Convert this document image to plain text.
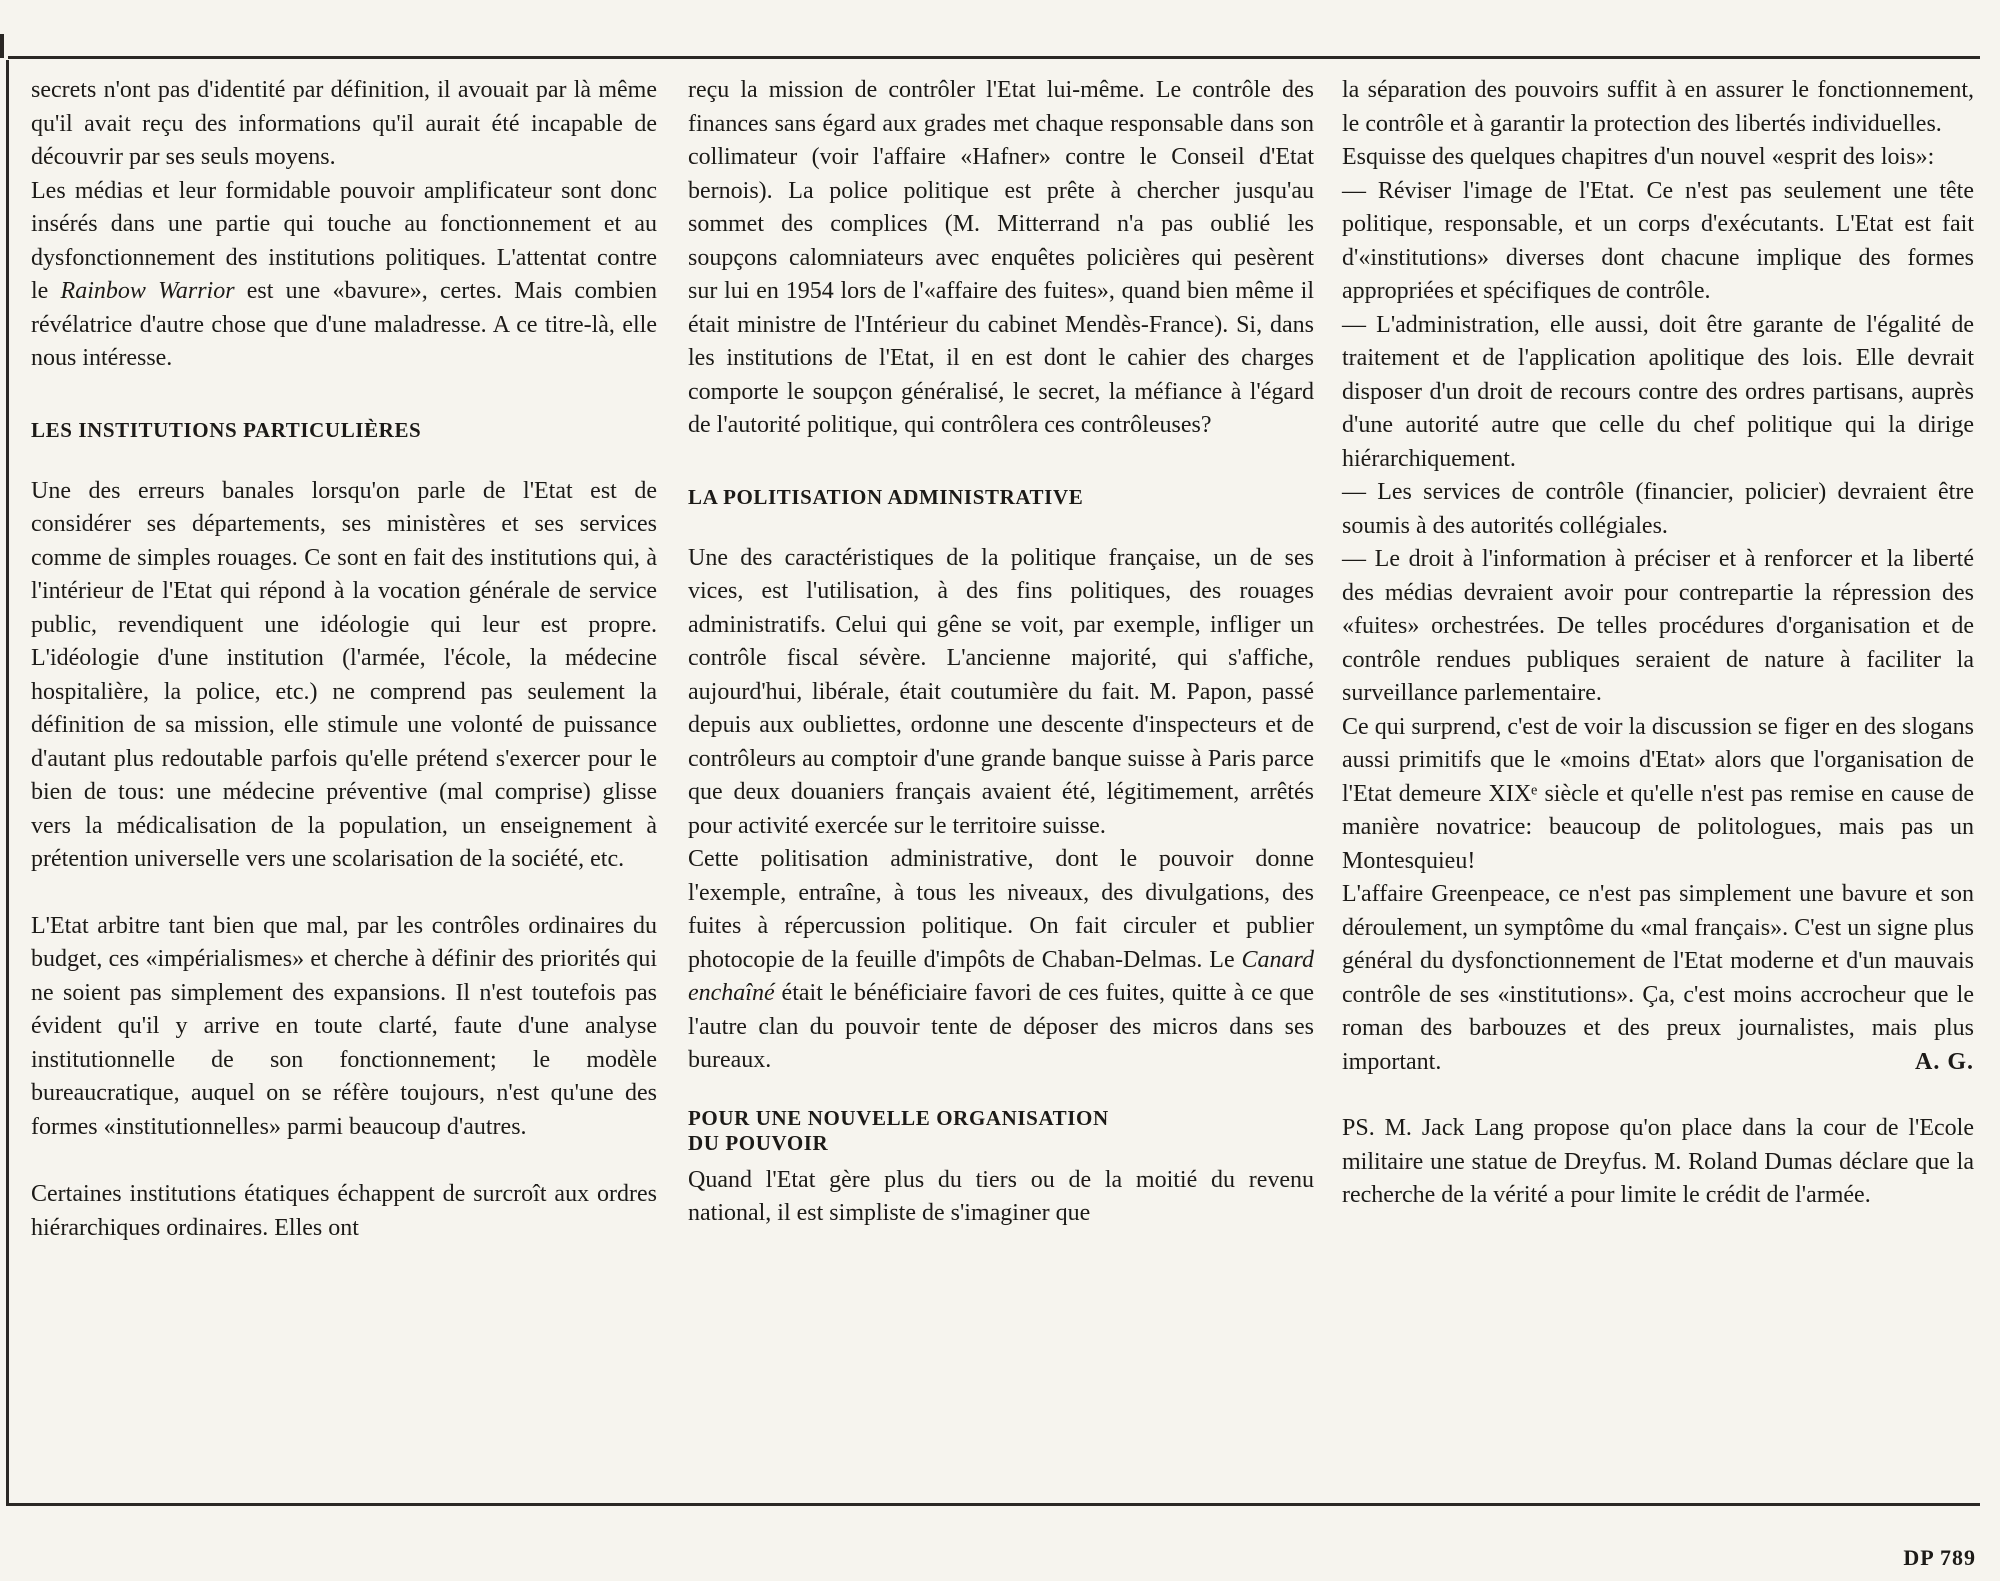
secrets n'ont pas d'identité par définition, il avouait par là même qu'il avait reçu des informations qu'il aurait été incapable de découvrir par ses seuls moyens.

Les médias et leur formidable pouvoir amplificateur sont donc insérés dans une partie qui touche au fonctionnement et au dysfonctionnement des institutions politiques. L'attentat contre le Rainbow Warrior est une «bavure», certes. Mais combien révélatrice d'autre chose que d'une maladresse. A ce titre-là, elle nous intéresse.

LES INSTITUTIONS PARTICULIÈRES

Une des erreurs banales lorsqu'on parle de l'Etat est de considérer ses départements, ses ministères et ses services comme de simples rouages. Ce sont en fait des institutions qui, à l'intérieur de l'Etat qui répond à la vocation générale de service public, revendiquent une idéologie qui leur est propre. L'idéologie d'une institution (l'armée, l'école, la médecine hospitalière, la police, etc.) ne comprend pas seulement la définition de sa mission, elle stimule une volonté de puissance d'autant plus redoutable parfois qu'elle prétend s'exercer pour le bien de tous: une médecine préventive (mal comprise) glisse vers la médicalisation de la population, un enseignement à prétention universelle vers une scolarisation de la société, etc.

L'Etat arbitre tant bien que mal, par les contrôles ordinaires du budget, ces «impérialismes» et cherche à définir des priorités qui ne soient pas simplement des expansions. Il n'est toutefois pas évident qu'il y arrive en toute clarté, faute d'une analyse institutionnelle de son fonctionnement; le modèle bureaucratique, auquel on se réfère toujours, n'est qu'une des formes «institutionnelles» parmi beaucoup d'autres.

Certaines institutions étatiques échappent de surcroît aux ordres hiérarchiques ordinaires. Elles ont

reçu la mission de contrôler l'Etat lui-même. Le contrôle des finances sans égard aux grades met chaque responsable dans son collimateur (voir l'affaire «Hafner» contre le Conseil d'Etat bernois). La police politique est prête à chercher jusqu'au sommet des complices (M. Mitterrand n'a pas oublié les soupçons calomniateurs avec enquêtes policières qui pesèrent sur lui en 1954 lors de l'«affaire des fuites», quand bien même il était ministre de l'Intérieur du cabinet Mendès-France). Si, dans les institutions de l'Etat, il en est dont le cahier des charges comporte le soupçon généralisé, le secret, la méfiance à l'égard de l'autorité politique, qui contrôlera ces contrôleuses?

LA POLITISATION ADMINISTRATIVE

Une des caractéristiques de la politique française, un de ses vices, est l'utilisation, à des fins politiques, des rouages administratifs. Celui qui gêne se voit, par exemple, infliger un contrôle fiscal sévère. L'ancienne majorité, qui s'affiche, aujourd'hui, libérale, était coutumière du fait. M. Papon, passé depuis aux oubliettes, ordonne une descente d'inspecteurs et de contrôleurs au comptoir d'une grande banque suisse à Paris parce que deux douaniers français avaient été, légitimement, arrêtés pour activité exercée sur le territoire suisse.

Cette politisation administrative, dont le pouvoir donne l'exemple, entraîne, à tous les niveaux, des divulgations, des fuites à répercussion politique. On fait circuler et publier photocopie de la feuille d'impôts de Chaban-Delmas. Le Canard enchaîné était le bénéficiaire favori de ces fuites, quitte à ce que l'autre clan du pouvoir tente de déposer des micros dans ses bureaux.

POUR UNE NOUVELLE ORGANISATION
DU POUVOIR

Quand l'Etat gère plus du tiers ou de la moitié du revenu national, il est simpliste de s'imaginer que

la séparation des pouvoirs suffit à en assurer le fonctionnement, le contrôle et à garantir la protection des libertés individuelles.

Esquisse des quelques chapitres d'un nouvel «esprit des lois»:

— Réviser l'image de l'Etat. Ce n'est pas seulement une tête politique, responsable, et un corps d'exécutants. L'Etat est fait d'«institutions» diverses dont chacune implique des formes appropriées et spécifiques de contrôle.

— L'administration, elle aussi, doit être garante de l'égalité de traitement et de l'application apolitique des lois. Elle devrait disposer d'un droit de recours contre des ordres partisans, auprès d'une autorité autre que celle du chef politique qui la dirige hiérarchiquement.

— Les services de contrôle (financier, policier) devraient être soumis à des autorités collégiales.

— Le droit à l'information à préciser et à renforcer et la liberté des médias devraient avoir pour contrepartie la répression des «fuites» orchestrées. De telles procédures d'organisation et de contrôle rendues publiques seraient de nature à faciliter la surveillance parlementaire.

Ce qui surprend, c'est de voir la discussion se figer en des slogans aussi primitifs que le «moins d'Etat» alors que l'organisation de l'Etat demeure XIXᵉ siècle et qu'elle n'est pas remise en cause de manière novatrice: beaucoup de politologues, mais pas un Montesquieu!

L'affaire Greenpeace, ce n'est pas simplement une bavure et son déroulement, un symptôme du «mal français». C'est un signe plus général du dysfonctionnement de l'Etat moderne et d'un mauvais contrôle de ses «institutions». Ça, c'est moins accrocheur que le roman des barbouzes et des preux journalistes, mais plus important.	A. G.

PS. M. Jack Lang propose qu'on place dans la cour de l'Ecole militaire une statue de Dreyfus. M. Roland Dumas déclare que la recherche de la vérité a pour limite le crédit de l'armée.

DP 789
